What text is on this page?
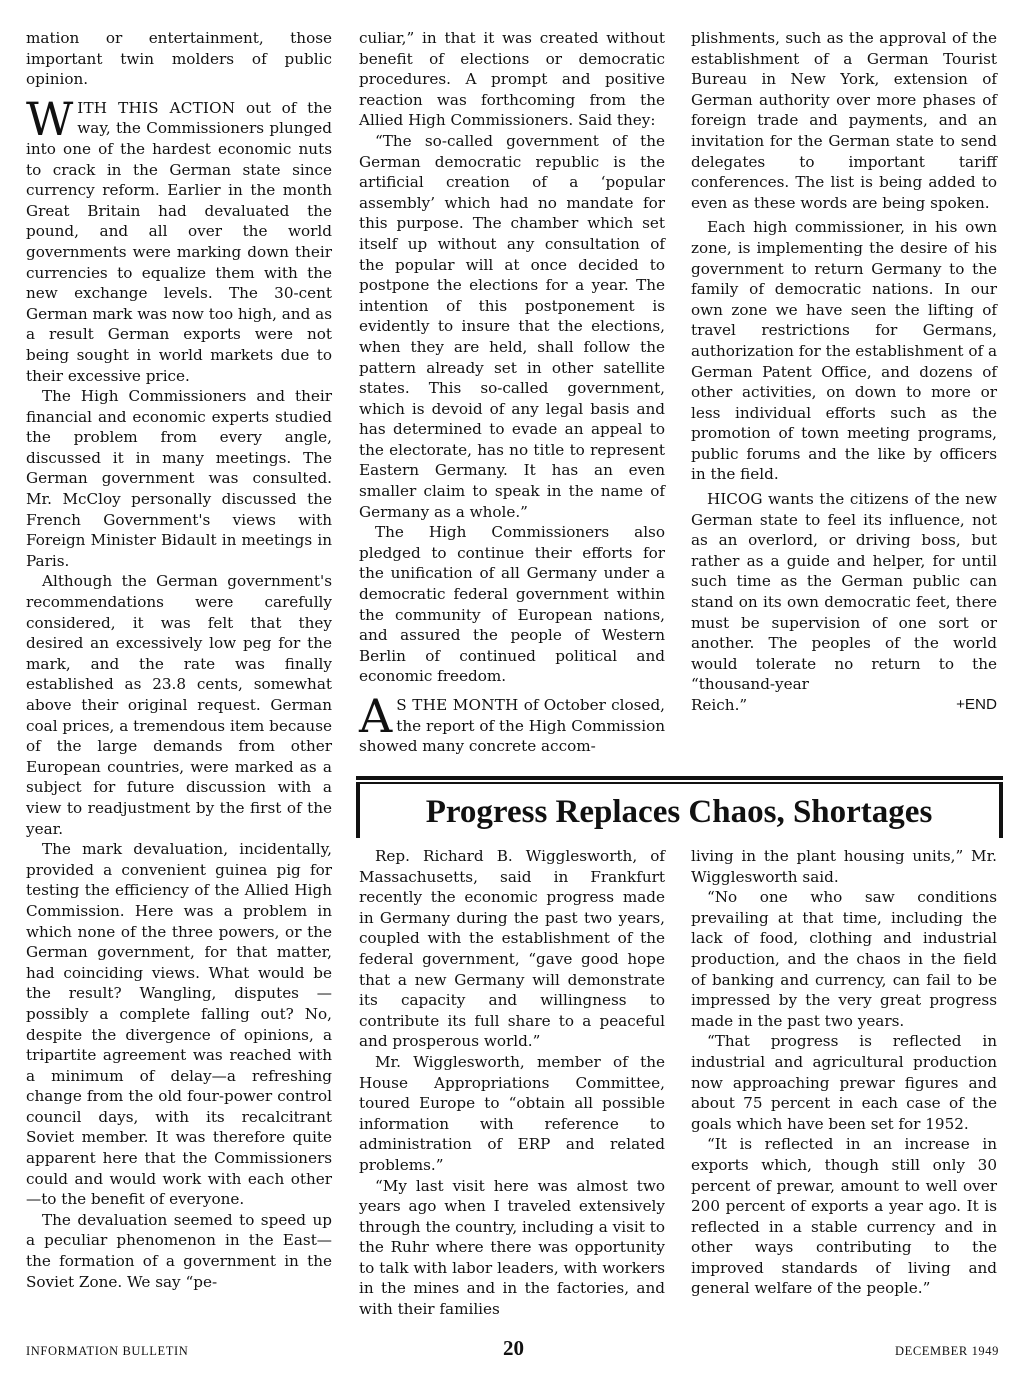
mation or entertainment, those important twin molders of public opinion.

WITH THIS ACTION out of the way, the Commissioners plunged into one of the hardest economic nuts to crack in the German state since currency reform. Earlier in the month Great Britain had devaluated the pound, and all over the world governments were marking down their currencies to equalize them with the new exchange levels. The 30-cent German mark was now too high, and as a result German exports were not being sought in world markets due to their excessive price.

The High Commissioners and their financial and economic experts studied the problem from every angle, discussed it in many meetings. The German government was consulted. Mr. McCloy personally discussed the French Government's views with Foreign Minister Bidault in meetings in Paris.

Although the German government's recommendations were carefully considered, it was felt that they desired an excessively low peg for the mark, and the rate was finally established as 23.8 cents, somewhat above their original request. German coal prices, a tremendous item because of the large demands from other European countries, were marked as a subject for future discussion with a view to readjustment by the first of the year.

The mark devaluation, incidentally, provided a convenient guinea pig for testing the efficiency of the Allied High Commission. Here was a problem in which none of the three powers, or the German government, for that matter, had coinciding views. What would be the result? Wangling, disputes — possibly a complete falling out? No, despite the divergence of opinions, a tripartite agreement was reached with a minimum of delay—a refreshing change from the old four-power control council days, with its recalcitrant Soviet member. It was therefore quite apparent here that the Commissioners could and would work with each other—to the benefit of everyone.

The devaluation seemed to speed up a peculiar phenomenon in the East—the formation of a government in the Soviet Zone. We say “pe-

culiar,” in that it was created without benefit of elections or democratic procedures. A prompt and positive reaction was forthcoming from the Allied High Commissioners. Said they:

“The so-called government of the German democratic republic is the artificial creation of a ‘popular assembly’ which had no mandate for this purpose. The chamber which set itself up without any consultation of the popular will at once decided to postpone the elections for a year. The intention of this postponement is evidently to insure that the elections, when they are held, shall follow the pattern already set in other satellite states. This so-called government, which is devoid of any legal basis and has determined to evade an appeal to the electorate, has no title to represent Eastern Germany. It has an even smaller claim to speak in the name of Germany as a whole.”

The High Commissioners also pledged to continue their efforts for the unification of all Germany under a democratic federal government within the community of European nations, and assured the people of Western Berlin of continued political and economic freedom.

AS THE MONTH of October closed, the report of the High Commission showed many concrete accom-

plishments, such as the approval of the establishment of a German Tourist Bureau in New York, extension of German authority over more phases of foreign trade and payments, and an invitation for the German state to send delegates to important tariff conferences. The list is being added to even as these words are being spoken.

Each high commissioner, in his own zone, is implementing the desire of his government to return Germany to the family of democratic nations. In our own zone we have seen the lifting of travel restrictions for Germans, authorization for the establishment of a German Patent Office, and dozens of other activities, on down to more or less individual efforts such as the promotion of town meeting programs, public forums and the like by officers in the field.

HICOG wants the citizens of the new German state to feel its influence, not as an overlord, or driving boss, but rather as a guide and helper, for until such time as the German public can stand on its own democratic feet, there must be supervision of one sort or another. The peoples of the world would tolerate no return to the “thousand-year

Reich.”	+END
Progress Replaces Chaos, Shortages

Rep. Richard B. Wigglesworth, of Massachusetts, said in Frankfurt recently the economic progress made in Germany during the past two years, coupled with the establishment of the federal government, “gave good hope that a new Germany will demonstrate its capacity and willingness to contribute its full share to a peaceful and prosperous world.”

Mr. Wigglesworth, member of the House Appropriations Committee, toured Europe to “obtain all possible information with reference to administration of ERP and related problems.”

“My last visit here was almost two years ago when I traveled extensively through the country, including a visit to the Ruhr where there was opportunity to talk with labor leaders, with workers in the mines and in the factories, and with their families

living in the plant housing units,” Mr. Wigglesworth said.

“No one who saw conditions prevailing at that time, including the lack of food, clothing and industrial production, and the chaos in the field of banking and currency, can fail to be impressed by the very great progress made in the past two years.

“That progress is reflected in industrial and agricultural production now approaching prewar figures and about 75 percent in each case of the goals which have been set for 1952.

“It is reflected in an increase in exports which, though still only 30 percent of prewar, amount to well over 200 percent of exports a year ago. It is reflected in a stable currency and in other ways contributing to the improved standards of living and general welfare of the people.”

INFORMATION BULLETIN	20	DECEMBER 1949
